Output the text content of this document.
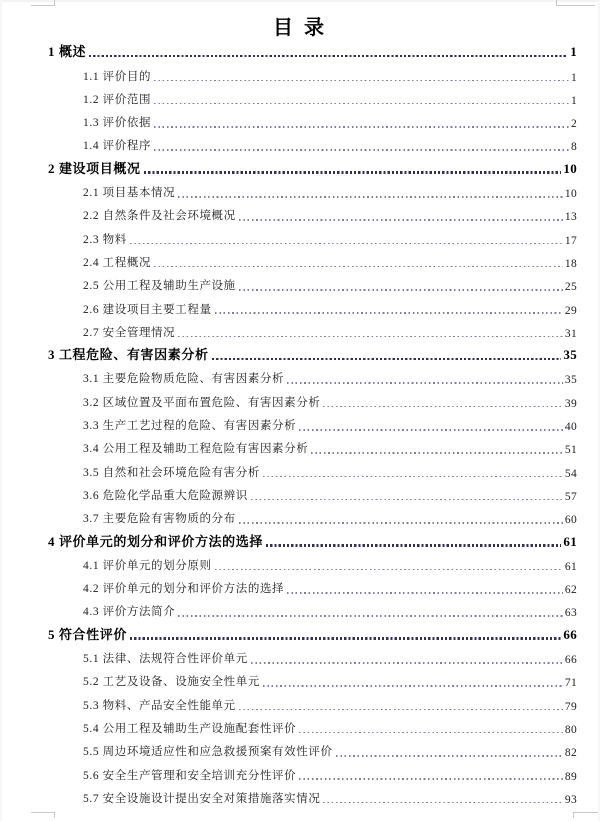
目 录
1 概述	1
1.1 评价目的	1
1.2 评价范围	1
1.3 评价依据	2
1.4 评价程序	8
2 建设项目概况	10
2.1 项目基本情况	10
2.2 自然条件及社会环境概况	13
2.3 物料	17
2.4 工程概况	18
2.5 公用工程及辅助生产设施	25
2.6 建设项目主要工程量	29
2.7 安全管理情况	31
3 工程危险、有害因素分析	35
3.1 主要危险物质危险、有害因素分析	35
3.2 区域位置及平面布置危险、有害因素分析	39
3.3 生产工艺过程的危险、有害因素分析	40
3.4 公用工程及辅助工程危险有害因素分析	51
3.5 自然和社会环境危险有害分析	54
3.6 危险化学品重大危险源辨识	57
3.7 主要危险有害物质的分布	60
4 评价单元的划分和评价方法的选择	61
4.1 评价单元的划分原则	61
4.2 评价单元的划分和评价方法的选择	62
4.3 评价方法简介	63
5 符合性评价	66
5.1 法律、法规符合性评价单元	66
5.2 工艺及设备、设施安全性单元	71
5.3 物料、产品安全性能单元	79
5.4 公用工程及辅助生产设施配套性评价	80
5.5 周边环境适应性和应急救援预案有效性评价	82
5.6 安全生产管理和安全培训充分性评价	89
5.7 安全设施设计提出安全对策措施落实情况	93
